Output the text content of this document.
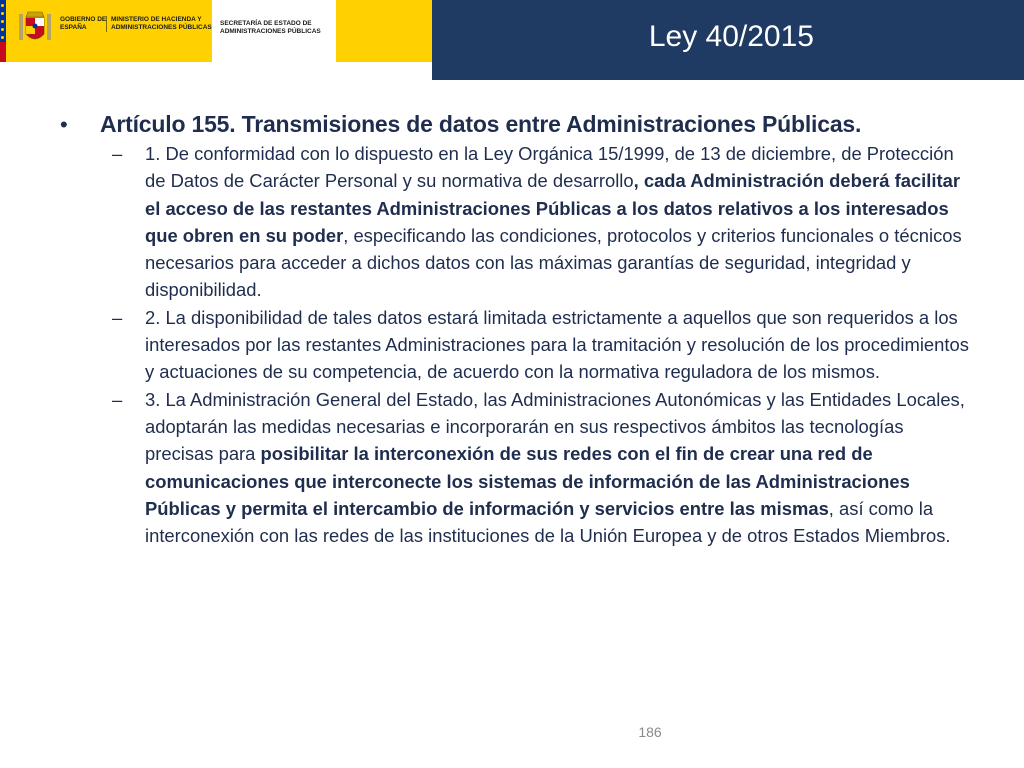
GOBIERNO DE ESPAÑA
MINISTERIO DE HACIENDA Y ADMINISTRACIONES PÚBLICAS
SECRETARÍA DE ESTADO DE ADMINISTRACIONES PÚBLICAS	Ley 40/2015
• Artículo 155. Transmisiones de datos entre Administraciones Públicas.
– 1. De conformidad con lo dispuesto en la Ley Orgánica 15/1999, de 13 de diciembre, de Protección de Datos de Carácter Personal y su normativa de desarrollo, cada Administración deberá facilitar el acceso de las restantes Administraciones Públicas a los datos relativos a los interesados que obren en su poder, especificando las condiciones, protocolos y criterios funcionales o técnicos necesarios para acceder a dichos datos con las máximas garantías de seguridad, integridad y disponibilidad.
– 2. La disponibilidad de tales datos estará limitada estrictamente a aquellos que son requeridos a los interesados por las restantes Administraciones para la tramitación y resolución de los procedimientos y actuaciones de su competencia, de acuerdo con la normativa reguladora de los mismos.
– 3. La Administración General del Estado, las Administraciones Autonómicas y las Entidades Locales, adoptarán las medidas necesarias e incorporarán en sus respectivos ámbitos las tecnologías precisas para posibilitar la interconexión de sus redes con el fin de crear una red de comunicaciones que interconecte los sistemas de información de las Administraciones Públicas y permita el intercambio de información y servicios entre las mismas, así como la interconexión con las redes de las instituciones de la Unión Europea y de otros Estados Miembros.
186
